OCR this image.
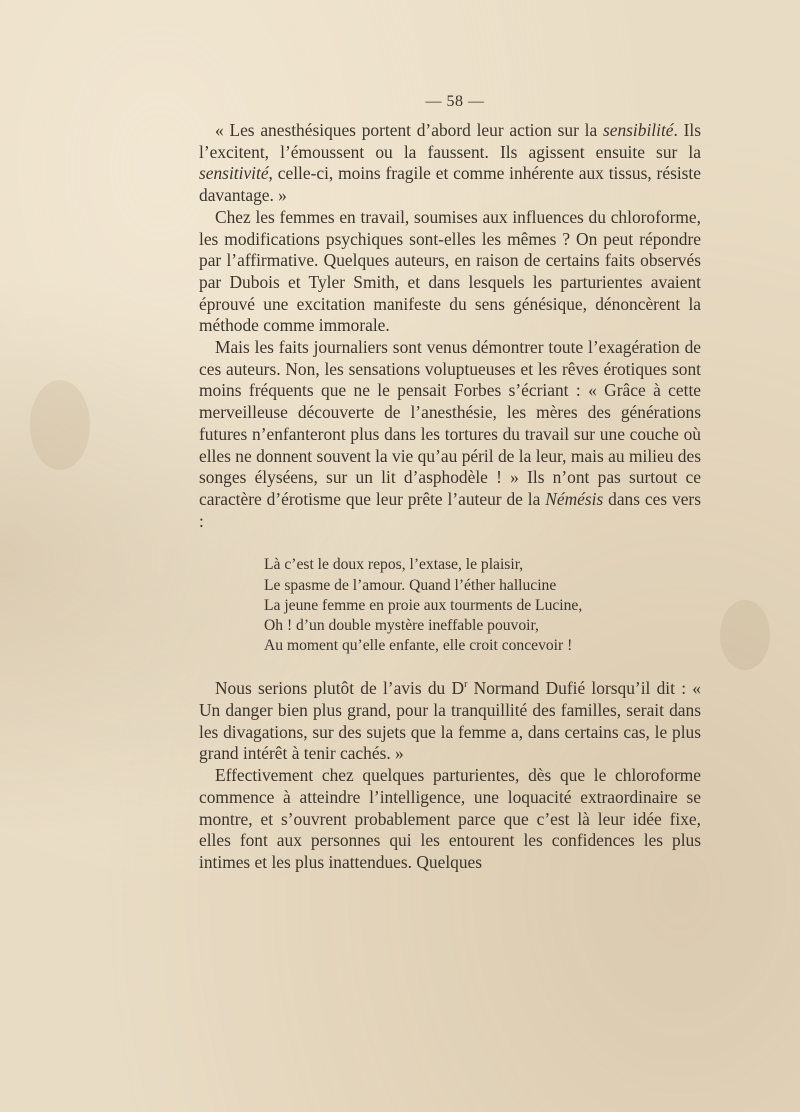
— 58 —

« Les anesthésiques portent d’abord leur action sur la sensibilité. Ils l’excitent, l’émoussent ou la faussent. Ils agissent ensuite sur la sensitivité, celle-ci, moins fragile et comme inhérente aux tissus, résiste davantage. »

Chez les femmes en travail, soumises aux influences du chloroforme, les modifications psychiques sont-elles les mêmes ? On peut répondre par l’affirmative. Quelques auteurs, en raison de certains faits observés par Dubois et Tyler Smith, et dans lesquels les parturientes avaient éprouvé une excitation manifeste du sens génésique, dénoncèrent la méthode comme immorale.

Mais les faits journaliers sont venus démontrer toute l’exagération de ces auteurs. Non, les sensations voluptueuses et les rêves érotiques sont moins fréquents que ne le pensait Forbes s’écriant : « Grâce à cette merveilleuse découverte de l’anesthésie, les mères des générations futures n’enfanteront plus dans les tortures du travail sur une couche où elles ne donnent souvent la vie qu’au péril de la leur, mais au milieu des songes élyséens, sur un lit d’asphodèle ! » Ils n’ont pas surtout ce caractère d’érotisme que leur prête l’auteur de la Némésis dans ces vers :

Là c’est le doux repos, l’extase, le plaisir,
Le spasme de l’amour. Quand l’éther hallucine
La jeune femme en proie aux tourments de Lucine,
Oh ! d’un double mystère ineffable pouvoir,
Au moment qu’elle enfante, elle croit concevoir !

Nous serions plutôt de l’avis du $D^r$ Normand Dufié lorsqu’il dit : « Un danger bien plus grand, pour la tranquillité des familles, serait dans les divagations, sur des sujets que la femme a, dans certains cas, le plus grand intérêt à tenir cachés. »

Effectivement chez quelques parturientes, dès que le chloroforme commence à atteindre l’intelligence, une loquacité extraordinaire se montre, et s’ouvrent probablement parce que c’est là leur idée fixe, elles font aux personnes qui les entourent les confidences les plus intimes et les plus inattendues. Quelques
